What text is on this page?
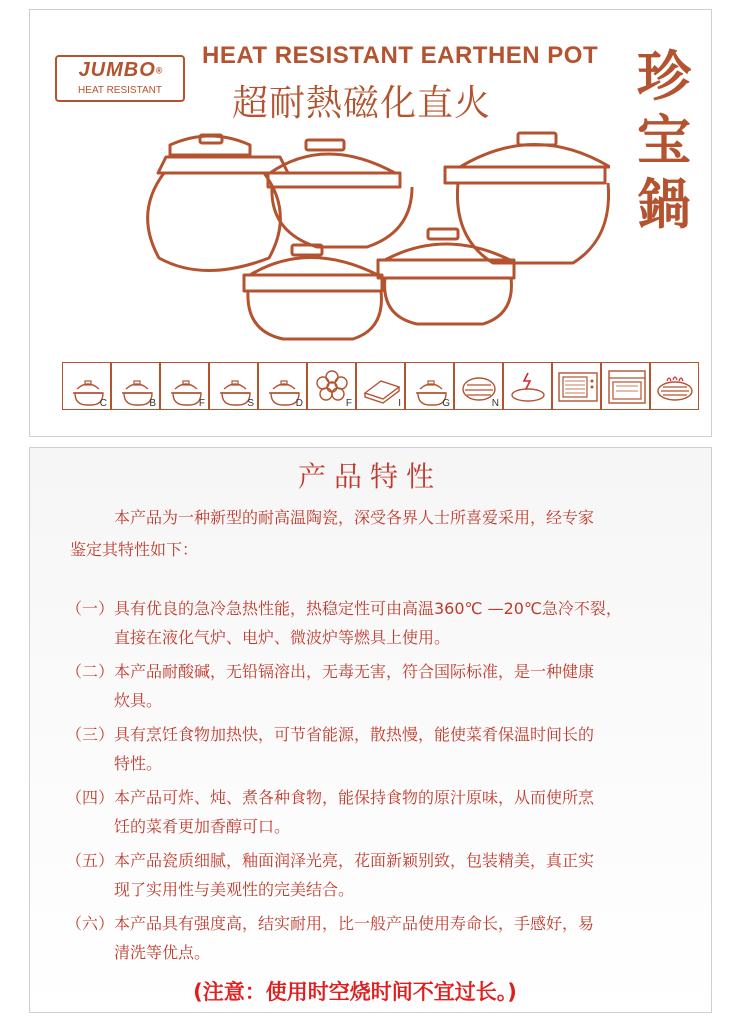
JUMBO®
HEAT RESISTANT
HEAT RESISTANT EARTHEN POT
超耐熱磁化直火	珍
宝
鍋
C	B	F	S	D	F	I	G	N
产品特性
本产品为一种新型的耐高温陶瓷，深受各界人士所喜爱采用，经专家
鉴定其特性如下：
（一）具有优良的急冷急热性能，热稳定性可由高温360℃ —20℃急冷不裂，
直接在液化气炉、电炉、微波炉等燃具上使用。
（二）本产品耐酸碱，无铅镉溶出，无毒无害，符合国际标准，是一种健康
炊具。
（三）具有烹饪食物加热快，可节省能源，散热慢，能使菜肴保温时间长的
特性。
（四）本产品可炸、炖、煮各种食物，能保持食物的原汁原味，从而使所烹
饪的菜肴更加香醇可口。
（五）本产品瓷质细腻，釉面润泽光亮，花面新颖别致，包装精美，真正实
现了实用性与美观性的完美结合。
（六）本产品具有强度高，结实耐用，比一般产品使用寿命长，手感好，易
清洗等优点。
(注意：使用时空烧时间不宜过长。)
